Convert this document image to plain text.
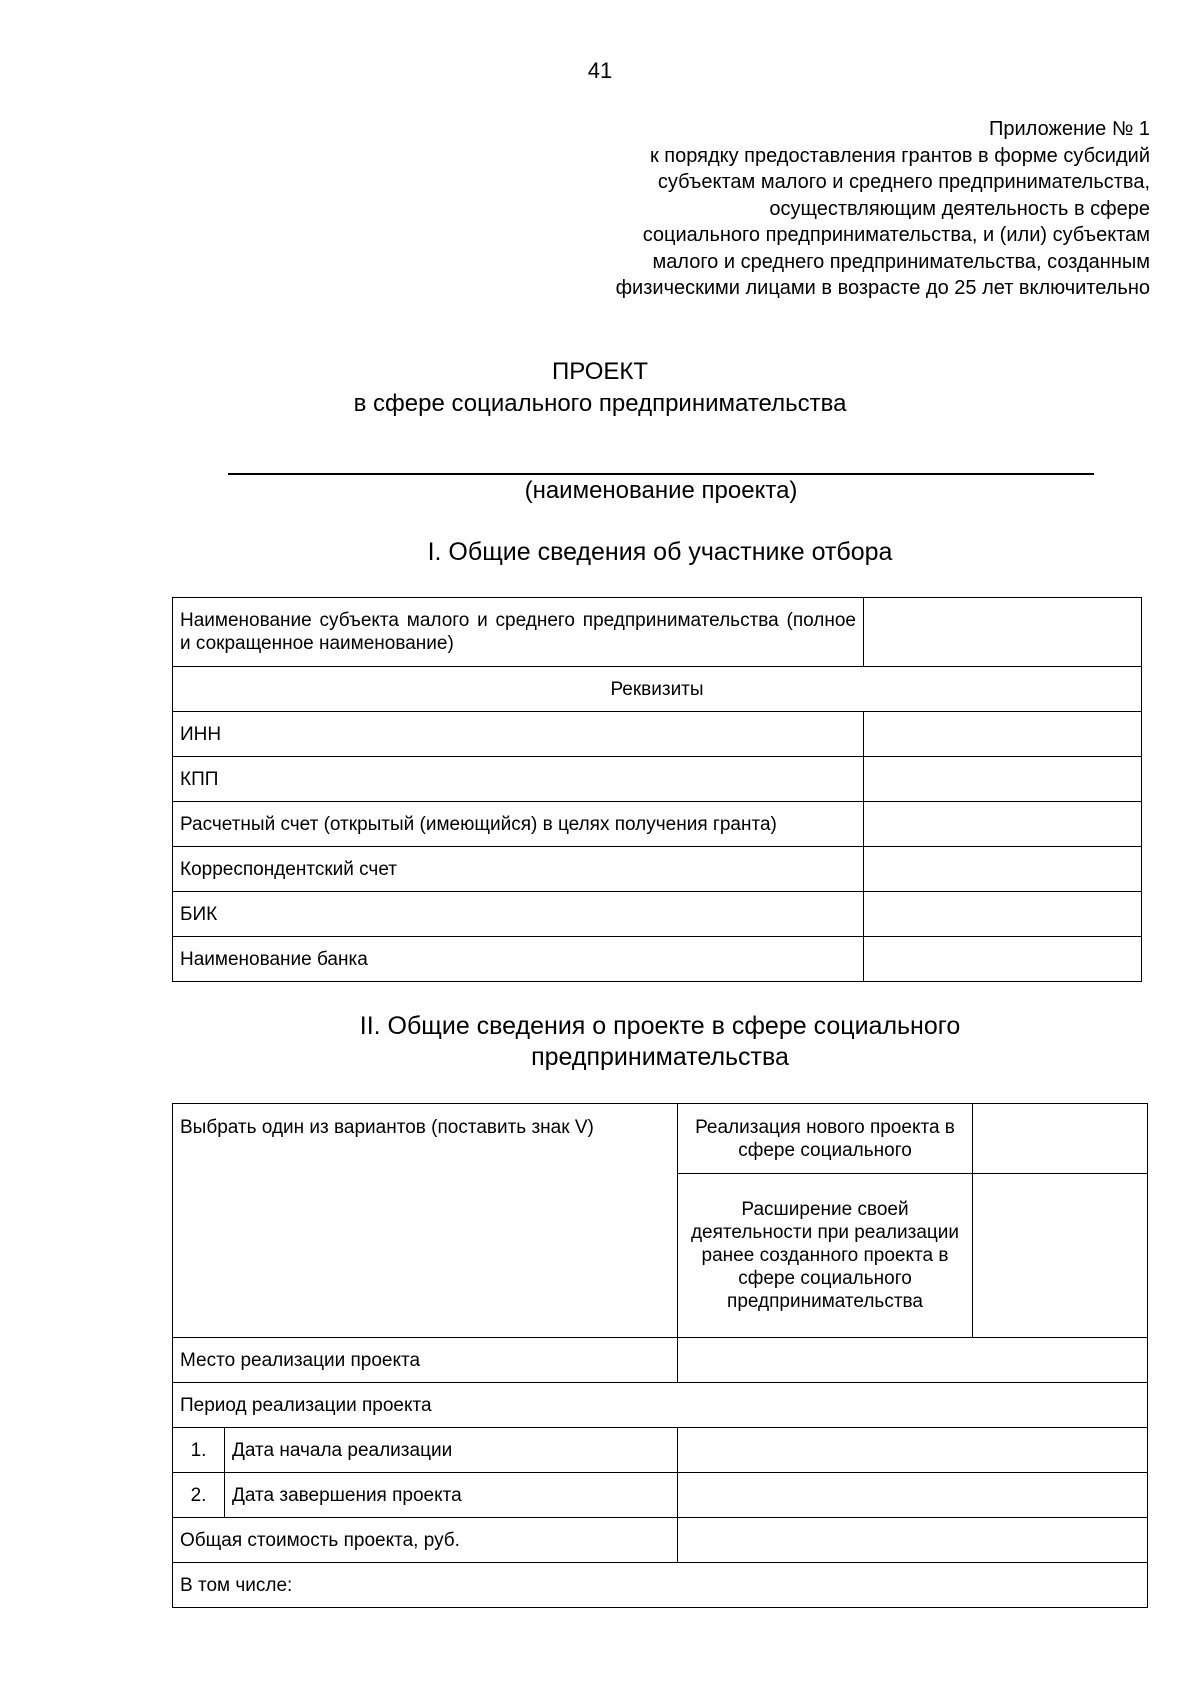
41
Приложение № 1
к порядку предоставления грантов в форме субсидий
субъектам малого и среднего предпринимательства,
осуществляющим деятельность в сфере
социального предпринимательства, и (или) субъектам
малого и среднего предпринимательства, созданным
физическими лицами в возрасте до 25 лет включительно
ПРОЕКТ
в сфере социального предпринимательства
(наименование проекта)
I. Общие сведения об участнике отбора
Наименование субъекта малого и среднего предпринимательства (полное и сокращенное наименование)	
Реквизиты	
ИНН	
КПП	
Расчетный счет (открытый (имеющийся) в целях получения гранта)	
Корреспондентский счет	
БИК	
Наименование банка	
II. Общие сведения о проекте в сфере социального
предпринимательства
Выбрать один из вариантов (поставить знак V)		Реализация нового проекта в сфере социального	
		Расширение своей деятельности при реализации ранее созданного проекта в сфере социального предпринимательства	
Место реализации проекта			
Период реализации проекта			
1.	Дата начала реализации		
2.	Дата завершения проекта		
Общая стоимость проекта, руб.			
В том числе:			
